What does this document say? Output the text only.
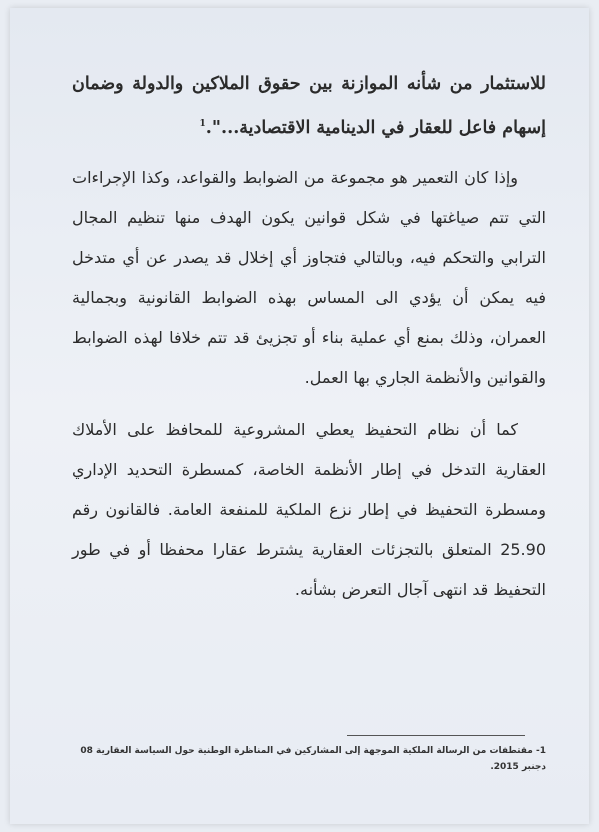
للاستثمار من شأنه الموازنة بين حقوق الملاكين والدولة وضمان إسهام فاعل للعقار في الدينامية الاقتصادية...".$^1$

وإذا كان التعمير هو مجموعة من الضوابط والقواعد، وكذا الإجراءات التي تتم صياغتها في شكل قوانين يكون الهدف منها تنظيم المجال الترابي والتحكم فيه، وبالتالي فتجاوز أي إخلال قد يصدر عن أي متدخل فيه يمكن أن يؤدي الى المساس بهذه الضوابط القانونية وبجمالية العمران، وذلك بمنع أي عملية بناء أو تجزيئ قد تتم خلافا لهذه الضوابط والقوانين والأنظمة الجاري بها العمل.

كما أن نظام التحفيظ يعطي المشروعية للمحافظ على الأملاك العقارية التدخل في إطار الأنظمة الخاصة، كمسطرة التحديد الإداري ومسطرة التحفيظ في إطار نزع الملكية للمنفعة العامة. فالقانون رقم 25.90 المتعلق بالتجزئات العقارية يشترط عقارا محفظا أو في طور التحفيظ قد انتهى آجال التعرض بشأنه.

1- مقتطفات من الرسالة الملكية الموجهة إلى المشاركين في المناظرة الوطنية حول السياسة العقارية 08 دجنبر 2015.
